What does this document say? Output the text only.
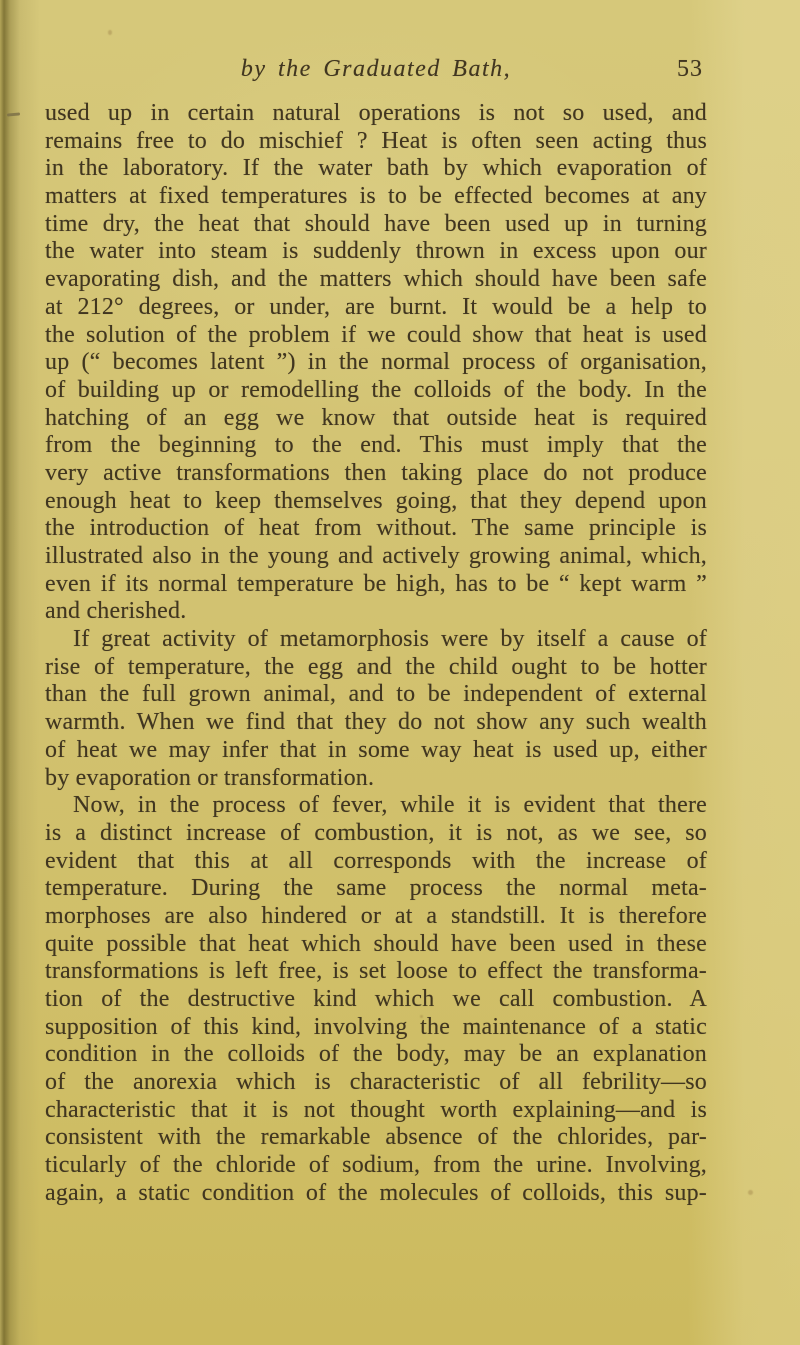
by the Graduated Bath,	53
used up in certain natural operations is not so used, and
remains free to do mischief ? Heat is often seen acting thus
in the laboratory. If the water bath by which evaporation of
matters at fixed temperatures is to be effected becomes at any
time dry, the heat that should have been used up in turning
the water into steam is suddenly thrown in excess upon our
evaporating dish, and the matters which should have been safe
at 212° degrees, or under, are burnt. It would be a help to
the solution of the problem if we could show that heat is used
up (“ becomes latent ”) in the normal process of organisation,
of building up or remodelling the colloids of the body. In the
hatching of an egg we know that outside heat is required
from the beginning to the end. This must imply that the
very active transformations then taking place do not produce
enough heat to keep themselves going, that they depend upon
the introduction of heat from without. The same principle is
illustrated also in the young and actively growing animal, which,
even if its normal temperature be high, has to be “ kept warm ”
and cherished.
If great activity of metamorphosis were by itself a cause of
rise of temperature, the egg and the child ought to be hotter
than the full grown animal, and to be independent of external
warmth. When we find that they do not show any such wealth
of heat we may infer that in some way heat is used up, either
by evaporation or transformation.
Now, in the process of fever, while it is evident that there
is a distinct increase of combustion, it is not, as we see, so
evident that this at all corresponds with the increase of
temperature. During the same process the normal meta-
morphoses are also hindered or at a standstill. It is therefore
quite possible that heat which should have been used in these
transformations is left free, is set loose to effect the transforma-
tion of the destructive kind which we call combustion. A
supposition of this kind, involving the maintenance of a static
condition in the colloids of the body, may be an explanation
of the anorexia which is characteristic of all febrility—so
characteristic that it is not thought worth explaining—and is
consistent with the remarkable absence of the chlorides, par-
ticularly of the chloride of sodium, from the urine. Involving,
again, a static condition of the molecules of colloids, this sup-
